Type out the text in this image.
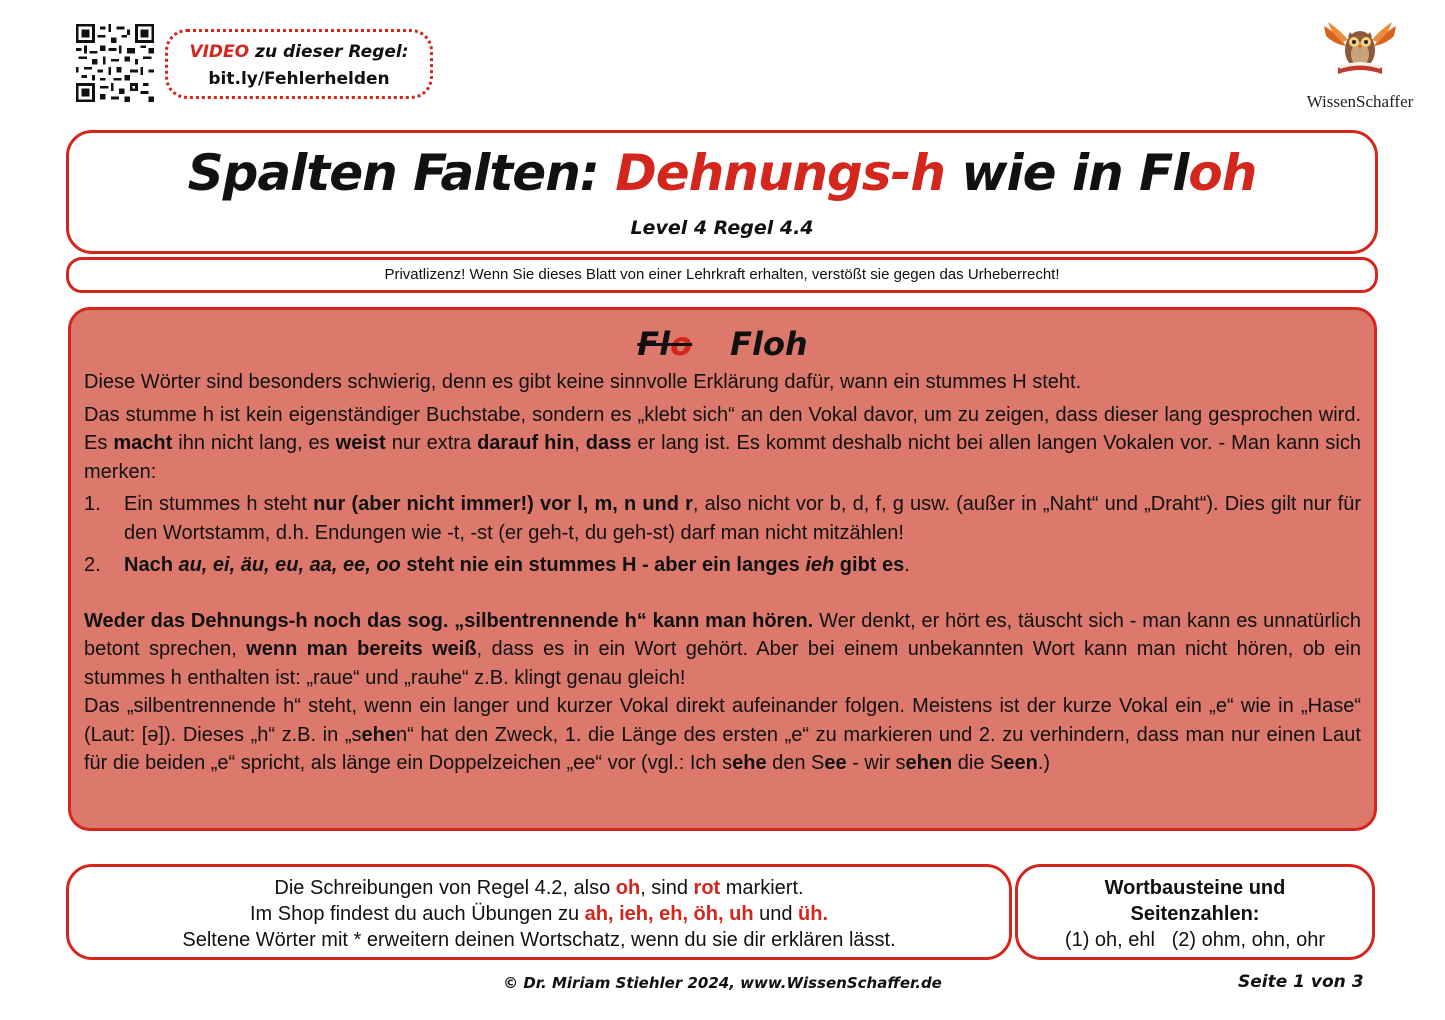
VIDEO zu dieser Regel:
bit.ly/Fehlerhelden
WissenSchaffer
Spalten Falten: Dehnungs-h wie in Floh
Level 4 Regel 4.4
Privatlizenz! Wenn Sie dieses Blatt von einer Lehrkraft erhalten, verstößt sie gegen das Urheberrecht!
Flo Floh

Diese Wörter sind besonders schwierig, denn es gibt keine sinnvolle Erklärung dafür, wann ein stummes H steht.

Das stumme h ist kein eigenständiger Buchstabe, sondern es „klebt sich“ an den Vokal davor, um zu zeigen, dass dieser lang gesprochen wird. Es macht ihn nicht lang, es weist nur extra darauf hin, dass er lang ist. Es kommt deshalb nicht bei allen langen Vokalen vor. - Man kann sich merken:

1.	Ein stummes h steht nur (aber nicht immer!) vor l, m, n und r, also nicht vor b, d, f, g usw. (außer in „Naht“ und „Draht“). Dies gilt nur für den Wortstamm, d.h. Endungen wie -t, -st (er geh-t, du geh-st) darf man nicht mitzählen!
2.	Nach au, ei, äu, eu, aa, ee, oo steht nie ein stummes H - aber ein langes ieh gibt es.

Weder das Dehnungs-h noch das sog. „silbentrennende h“ kann man hören. Wer denkt, er hört es, täuscht sich - man kann es unnatürlich betont sprechen, wenn man bereits weiß, dass es in ein Wort gehört. Aber bei einem unbekannten Wort kann man nicht hören, ob ein stummes h enthalten ist: „raue“ und „rauhe“ z.B. klingt genau gleich!

Das „silbentrennende h“ steht, wenn ein langer und kurzer Vokal direkt aufeinander folgen. Meistens ist der kurze Vokal ein „e“ wie in „Hase“ (Laut: [ə]). Dieses „h“ z.B. in „sehen“ hat den Zweck, 1. die Länge des ersten „e“ zu markieren und 2. zu verhindern, dass man nur einen Laut für die beiden „e“ spricht, als länge ein Doppelzeichen „ee“ vor (vgl.: Ich sehe den See - wir sehen die Seen.)

Die Schreibungen von Regel 4.2, also oh, sind rot markiert.
Im Shop findest du auch Übungen zu ah, ieh, eh, öh, uh und üh.
Seltene Wörter mit * erweitern deinen Wortschatz, wenn du sie dir erklären lässt.
Wortbausteine und
Seitenzahlen:
(1) oh, ehl   (2) ohm, ohn, ohr
© Dr. Miriam Stiehler 2024, www.WissenSchaffer.de	Seite 1 von 3
